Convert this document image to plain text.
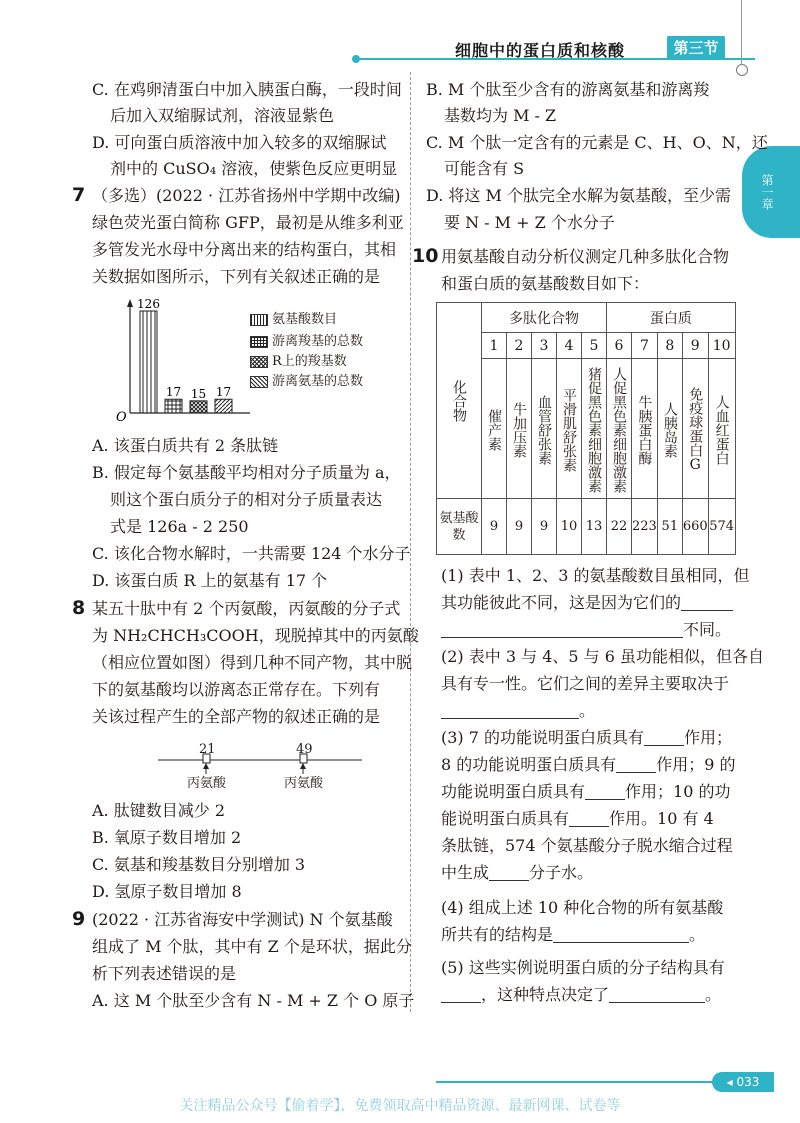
细胞中的蛋白质和核酸	第三节
第一章
C. 在鸡卵清蛋白中加入胰蛋白酶，一段时间
后加入双缩脲试剂，溶液显紫色
D. 可向蛋白质溶液中加入较多的双缩脲试
剂中的 CuSO₄ 溶液，使紫色反应更明显
7 （多选）(2022 · 江苏省扬州中学期中改编)
绿色荧光蛋白简称 GFP，最初是从维多利亚
多管发光水母中分离出来的结构蛋白，其相
关数据如图所示，下列有关叙述正确的是
126
17 15 17
O
氨基酸数目
游离羧基的总数
R上的羧基数
游离氨基的总数
A. 该蛋白质共有 2 条肽链
B. 假定每个氨基酸平均相对分子质量为 a，
则这个蛋白质分子的相对分子质量表达
式是 126a - 2 250
C. 该化合物水解时，一共需要 124 个水分子
D. 该蛋白质 R 上的氨基有 17 个
8 某五十肽中有 2 个丙氨酸，丙氨酸的分子式
为 NH₂CHCH₃COOH，现脱掉其中的丙氨酸
（相应位置如图）得到几种不同产物，其中脱
下的氨基酸均以游离态正常存在。下列有
关该过程产生的全部产物的叙述正确的是
21	49
丙氨酸	丙氨酸
A. 肽键数目减少 2
B. 氧原子数目增加 2
C. 氨基和羧基数目分别增加 3
D. 氢原子数目增加 8
9 (2022 · 江苏省海安中学测试) N 个氨基酸
组成了 M 个肽，其中有 Z 个是环状，据此分
析下列表述错误的是
A. 这 M 个肽至少含有 N - M + Z 个 O 原子
B. M 个肽至少含有的游离氨基和游离羧
基数均为 M - Z
C. M 个肽一定含有的元素是 C、H、O、N，还
可能含有 S
D. 将这 M 个肽完全水解为氨基酸，至少需
要 N - M + Z 个水分子
10 用氨基酸自动分析仪测定几种多肽化合物
和蛋白质的氨基酸数目如下：
化合物	多肽化合物					蛋白质				
	1	2	3	4	5	6	7	8	9	10

	催产素	牛加压素	血管舒张素	平滑肌舒张素	猪促黑色素细胞激素	人促黑色素细胞激素	牛胰蛋白酶	人胰岛素	免疫球蛋白G	人血红蛋白

氨基酸数	9	9	9	10	13	22	223	51	660	574
(1) 表中 1、2、3 的氨基酸数目虽相同，但
其功能彼此不同，这是因为它们的
不同。
(2) 表中 3 与 4、5 与 6 虽功能相似，但各自
具有专一性。它们之间的差异主要取决于
。
(3) 7 的功能说明蛋白质具有	作用；
8 的功能说明蛋白质具有	作用；9 的
功能说明蛋白质具有	作用；10 的功
能说明蛋白质具有	作用。10 有 4
条肽链，574 个氨基酸分子脱水缩合过程
中生成	分子水。
(4) 组成上述 10 种化合物的所有氨基酸
所共有的结构是	。
(5) 这些实例说明蛋白质的分子结构具有
，这种特点决定了	。
◂ 033
关注精品公众号【偷着学】，免费领取高中精品资源、最新网课、试卷等
